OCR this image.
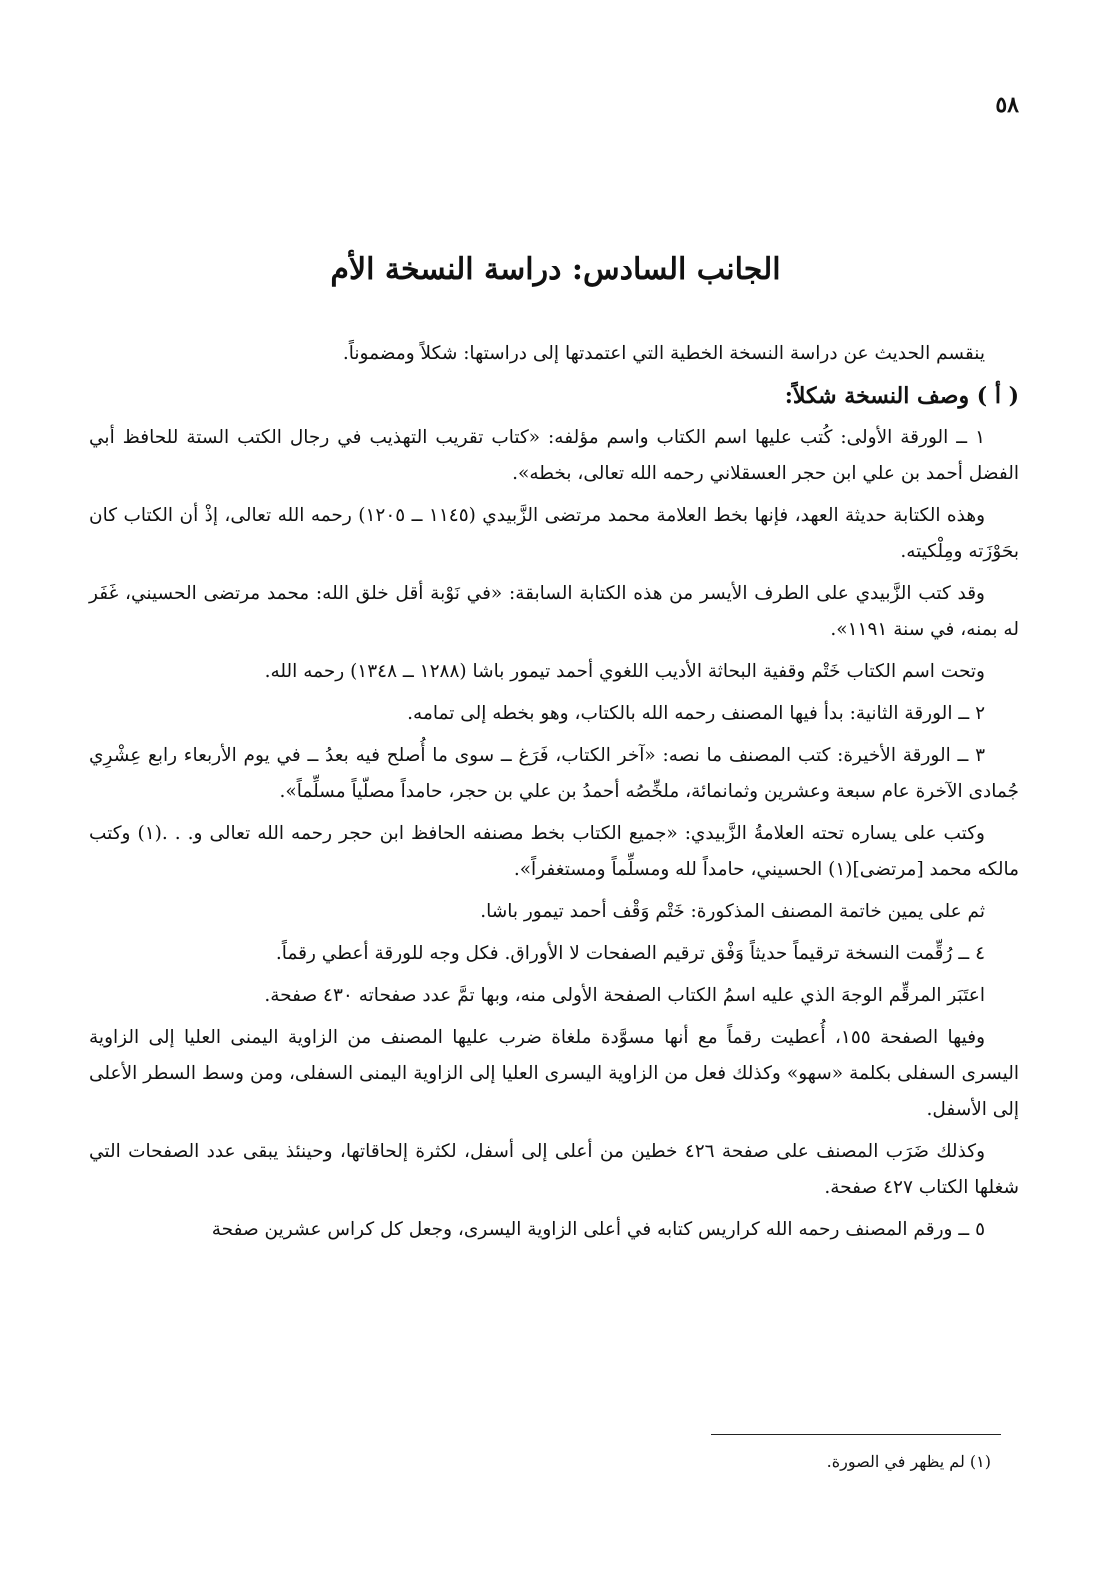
٥٨
الجانب السادس: دراسة النسخة الأم

ينقسم الحديث عن دراسة النسخة الخطية التي اعتمدتها إلى دراستها: شكلاً ومضموناً.

( أ ) وصف النسخة شكلاً:

١ ــ الورقة الأولى: كُتب عليها اسم الكتاب واسم مؤلفه: «كتاب تقريب التهذيب في رجال الكتب الستة للحافظ أبي الفضل أحمد بن علي ابن حجر العسقلاني رحمه الله تعالى، بخطه».

وهذه الكتابة حديثة العهد، فإنها بخط العلامة محمد مرتضى الزَّبيدي (١١٤٥ ــ ١٢٠٥) رحمه الله تعالى، إذْ أن الكتاب كان بحَوْزَته ومِلْكيته.

وقد كتب الزَّبيدي على الطرف الأيسر من هذه الكتابة السابقة: «في نَوْبة أقل خلق الله: محمد مرتضى الحسيني، غَفَر له بمنه، في سنة ١١٩١».

وتحت اسم الكتاب خَتْم وقفية البحاثة الأديب اللغوي أحمد تيمور باشا (١٢٨٨ ــ ١٣٤٨) رحمه الله.

٢ ــ الورقة الثانية: بدأ فيها المصنف رحمه الله بالكتاب، وهو بخطه إلى تمامه.

٣ ــ الورقة الأخيرة: كتب المصنف ما نصه: «آخر الكتاب، فَرَغ ــ سوى ما أُصلح فيه بعدُ ــ في يوم الأربعاء رابع عِشْرِي جُمادى الآخرة عام سبعة وعشرين وثمانمائة، ملخِّصُه أحمدُ بن علي بن حجر، حامداً مصلّياً مسلِّماً».

وكتب على يساره تحته العلامةُ الزَّبيدي: «جميع الكتاب بخط مصنفه الحافظ ابن حجر رحمه الله تعالى و. . .(١) وكتب مالكه محمد [مرتضى](١) الحسيني، حامداً لله ومسلِّماً ومستغفراً».

ثم على يمين خاتمة المصنف المذكورة: خَتْم وَقْف أحمد تيمور باشا.

٤ ــ رُقِّمت النسخة ترقيماً حديثاً وَفْق ترقيم الصفحات لا الأوراق. فكل وجه للورقة أعطي رقماً.

اعتَبَر المرقِّم الوجهَ الذي عليه اسمُ الكتاب الصفحة الأولى منه، وبها تمَّ عدد صفحاته ٤٣٠ صفحة.

وفيها الصفحة ١٥٥، أُعطيت رقماً مع أنها مسوَّدة ملغاة ضرب عليها المصنف من الزاوية اليمنى العليا إلى الزاوية اليسرى السفلى بكلمة «سهو» وكذلك فعل من الزاوية اليسرى العليا إلى الزاوية اليمنى السفلى، ومن وسط السطر الأعلى إلى الأسفل.

وكذلك ضَرَب المصنف على صفحة ٤٢٦ خطين من أعلى إلى أسفل، لكثرة إلحاقاتها، وحينئذ يبقى عدد الصفحات التي شغلها الكتاب ٤٢٧ صفحة.

٥ ــ ورقم المصنف رحمه الله كراريس كتابه في أعلى الزاوية اليسرى، وجعل كل كراس عشرين صفحة

(١) لم يظهر في الصورة.
